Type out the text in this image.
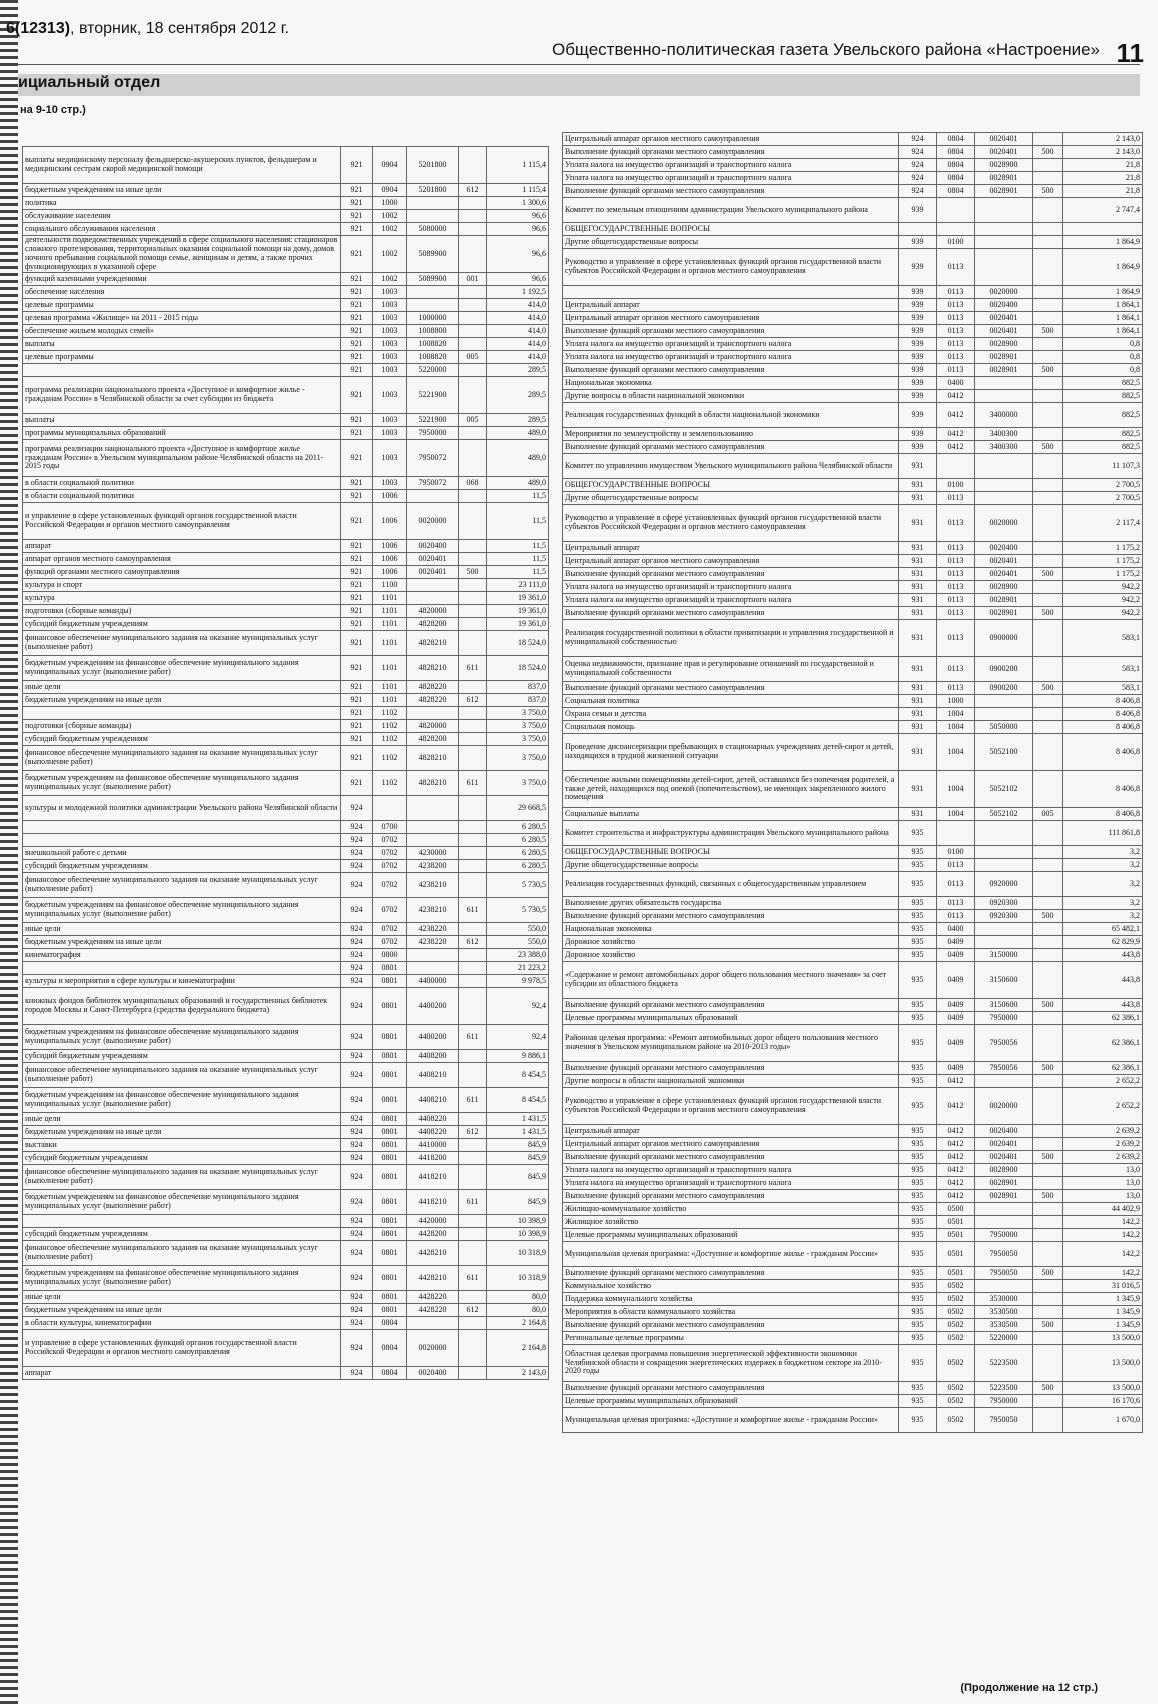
6(12313), вторник, 18 сентября 2012 г.
Общественно-политическая газета Увельского района «Настроение» 11
ициальный отдел
на 9-10 стр.)
выплаты медицинскому персоналу фельдшерско-акушерских пунктов, фельдшерам и медицинским сестрам скорой медицинской помощи	921	0904	5201800		1 115,4
бюджетным учреждениям на иные цели	921	0904	5201800	612	1 115,4
политика	921	1000			1 300,6
обслуживание населения	921	1002			96,6
социального обслуживания населения	921	1002	5080000		96,6
деятельности подведомственных учреждений в сфере социального населения: стационаров сложного протезирования, территориальных оказания социальной помощи на дому, домов ночного пребывания социальной помощи семье, женщинам и детям, а также прочих функционирующих в указанной сфере	921	1002	5089900		96,6
функций казенными учреждениями	921	1002	5089900	001	96,6
обеспечение населения	921	1003			1 192,5
целевые программы	921	1003			414,0
целевая программа «Жилище» на 2011 - 2015 годы	921	1003	1000000		414,0
обеспечение жильем молодых семей»	921	1003	1008800		414,0
выплаты	921	1003	1008820		414,0
целевые программы	921	1003	1008820	005	414,0
	921	1003	5220000		289,5
программа реализации национального проекта «Доступное и комфортное жилье - гражданам России» в Челябинской области за счет субсидии из бюджета	921	1003	5221900		289,5
выплаты	921	1003	5221900	005	289,5
программы муниципальных образований	921	1003	7950000		489,0
программа реализации национального проекта «Доступное и комфортное жилье гражданам России» в Увельском муниципальном районе Челябинской области на 2011-2015 годы	921	1003	7950072		489,0
в области социальной политики	921	1003	7950072	068	489,0
в области социальной политики	921	1006			11,5
и управление в сфере установленных функций органов государственной власти Российской Федерации и органов местного самоуправления	921	1006	0020000		11,5
аппарат	921	1006	0020400		11,5
аппарат органов местного самоуправления	921	1006	0020401		11,5
функций органами местного самоуправления	921	1006	0020401	500	11,5
культура и спорт	921	1100			23 111,0
культура	921	1101			19 361,0
подготовки (сборные команды)	921	1101	4820000		19 361,0
субсидий бюджетным учреждениям	921	1101	4828200		19 361,0
финансовое обеспечение муниципального задания на оказание муниципальных услуг (выполнение работ)	921	1101	4828210		18 524,0
бюджетным учреждениям на финансовое обеспечение муниципального задания муниципальных услуг (выполнение работ)	921	1101	4828210	611	18 524,0
иные цели	921	1101	4828220		837,0
бюджетным учреждениям на иные цели	921	1101	4828220	612	837,0
	921	1102			3 750,0
подготовки (сборные команды)	921	1102	4820000		3 750,0
субсидий бюджетным учреждениям	921	1102	4828200		3 750,0
финансовое обеспечение муниципального задания на оказание муниципальных услуг (выполнение работ)	921	1102	4828210		3 750,0
бюджетным учреждениям на финансовое обеспечение муниципального задания муниципальных услуг (выполнение работ)	921	1102	4828210	611	3 750,0
культуры и молодежной политики администрации Увельского района Челябинской области	924				29 668,5
	924	0700			6 280,5
	924	0702			6 280,5
внешкольной работе с детьми	924	0702	4230000		6 280,5
субсидий бюджетным учреждениям	924	0702	4238200		6 280,5
финансовое обеспечение муниципального задания на оказание муниципальных услуг (выполнение работ)	924	0702	4238210		5 730,5
бюджетным учреждениям на финансовое обеспечение муниципального задания муниципальных услуг (выполнение работ)	924	0702	4238210	611	5 730,5
иные цели	924	0702	4238220		550,0
бюджетным учреждениям на иные цели	924	0702	4238220	612	550,0
кинематография	924	0800			23 388,0
	924	0801			21 223,2
культуры и мероприятия в сфере культуры и кинематографии	924	0801	4400000		9 978,5
книжных фондов библиотек муниципальных образований и государственных библиотек городов Москвы и Санкт-Петербурга (средства федерального бюджета)	924	0801	4400200		92,4
бюджетным учреждениям на финансовое обеспечение муниципального задания муниципальных услуг (выполнение работ)	924	0801	4400200	611	92,4
субсидий бюджетным учреждениям	924	0801	4408200		9 886,1
финансовое обеспечение муниципального задания на оказание муниципальных услуг (выполнение работ)	924	0801	4408210		8 454,5
бюджетным учреждениям на финансовое обеспечение муниципального задания муниципальных услуг (выполнение работ)	924	0801	4408210	611	8 454,5
иные цели	924	0801	4408220		1 431,5
бюджетным учреждениям на иные цели	924	0801	4408220	612	1 431,5
выставки	924	0801	4410000		845,9
субсидий бюджетным учреждениям	924	0801	4418200		845,9
финансовое обеспечение муниципального задания на оказание муниципальных услуг (выполнение работ)	924	0801	4418210		845,9
бюджетным учреждениям на финансовое обеспечение муниципального задания муниципальных услуг (выполнение работ)	924	0801	4418210	611	845,9
	924	0801	4420000		10 398,9
субсидий бюджетным учреждениям	924	0801	4428200		10 398,9
финансовое обеспечение муниципального задания на оказание муниципальных услуг (выполнение работ)	924	0801	4428210		10 318,9
бюджетным учреждениям на финансовое обеспечение муниципального задания муниципальных услуг (выполнение работ)	924	0801	4428210	611	10 318,9
иные цели	924	0801	4428220		80,0
бюджетным учреждениям на иные цели	924	0801	4428220	612	80,0
в области культуры, кинематографии	924	0804			2 164,8
и управление в сфере установленных функций органов государственной власти Российской Федерации и органов местного самоуправления	924	0804	0020000		2 164,8
аппарат	924	0804	0020400		2 143,0
Центральный аппарат органов местного самоуправления	924	0804	0020401		2 143,0
Выполнение функций органами местного самоуправления	924	0804	0020401	500	2 143,0
Уплата налога на имущество организаций и транспортного налога	924	0804	0028900		21,8
Уплата налога на имущество организаций и транспортного налога	924	0804	0028901		21,8
Выполнение функций органами местного самоуправления	924	0804	0028901	500	21,8
Комитет по земельным отношениям администрации Увельского муниципального района	939				2 747,4
ОБЩЕГОСУДАРСТВЕННЫЕ ВОПРОСЫ					
Другие общегосударственные вопросы	939	0100			1 864,9
Руководство и управление в сфере установленных функций органов государственной власти субъектов Российской Федерации и органов местного самоуправления	939	0113			1 864,9
	939	0113	0020000		1 864,9
Центральный аппарат	939	0113	0020400		1 864,1
Центральный аппарат органов местного самоуправления	939	0113	0020401		1 864,1
Выполнение функций органами местного самоуправления	939	0113	0020401	500	1 864,1
Уплата налога на имущество организаций и транспортного налога	939	0113	0028900		0,8
Уплата налога на имущество организаций и транспортного налога	939	0113	0028901		0,8
Выполнение функций органами местного самоуправления	939	0113	0028901	500	0,8
Национальная экономика	939	0400			882,5
Другие вопросы в области национальной экономики	939	0412			882,5
Реализация государственных функций в области национальной экономики	939	0412	3400000		882,5
Мероприятия по землеустройству и землепользованию	939	0412	3400300		882,5
Выполнение функций органами местного самоуправления	939	0412	3400300	500	882,5
Комитет по управлению имуществом Увельского муниципального района Челябинской области	931				11 107,3
ОБЩЕГОСУДАРСТВЕННЫЕ ВОПРОСЫ	931	0100			2 700,5
Другие общегосударственные вопросы	931	0113			2 700,5
Руководство и управление в сфере установленных функций органов государственной власти субъектов Российской Федерации и органов местного самоуправления	931	0113	0020000		2 117,4
Центральный аппарат	931	0113	0020400		1 175,2
Центральный аппарат органов местного самоуправления	931	0113	0020401		1 175,2
Выполнение функций органами местного самоуправления	931	0113	0020401	500	1 175,2
Уплата налога на имущество организаций и транспортного налога	931	0113	0028900		942,2
Уплата налога на имущество организаций и транспортного налога	931	0113	0028901		942,2
Выполнение функций органами местного самоуправления	931	0113	0028901	500	942,2
Реализация государственной политики в области приватизации и управления государственной и муниципальной собственностью	931	0113	0900000		583,1
Оценка недвижимости, признание прав и регулирование отношений по государственной и муниципальной собственности	931	0113	0900200		583,1
Выполнение функций органами местного самоуправления	931	0113	0900200	500	583,1
Социальная политика	931	1000			8 406,8
Охрана семьи и детства	931	1004			8 406,8
Социальная помощь	931	1004	5050000		8 406,8
Проведение диспансеризации пребывающих в стационарных учреждениях детей-сирот и детей, находящихся в трудной жизненной ситуации	931	1004	5052100		8 406,8
Обеспечение жилыми помещениями детей-сирот, детей, оставшихся без попечения родителей, а также детей, находящихся под опекой (попечительством), не имеющих закрепленного жилого помещения	931	1004	5052102		8 406,8
Социальные выплаты	931	1004	5052102	005	8 406,8
Комитет строительства и инфраструктуры администрации Увельского муниципального района	935				111 861,8
ОБЩЕГОСУДАРСТВЕННЫЕ ВОПРОСЫ	935	0100			3,2
Другие общегосударственные вопросы	935	0113			3,2
Реализация государственных функций, связанных с общегосударственным управлением	935	0113	0920000		3,2
Выполнение других обязательств государства	935	0113	0920300		3,2
Выполнение функций органами местного самоуправления	935	0113	0920300	500	3,2
Национальная экономика	935	0400			65 482,1
Дорожное хозяйство	935	0409			62 829,9
Дорожное хозяйство	935	0409	3150000		443,8
«Содержание и ремонт автомобильных дорог общего пользования местного значения» за счет субсидии из областного бюджета	935	0409	3150600		443,8
Выполнение функций органами местного самоуправления	935	0409	3150600	500	443,8
Целевые программы муниципальных образований	935	0409	7950000		62 386,1
Районная целевая программа: «Ремонт автомобильных дорог общего пользования местного значения в Увельском муниципальном районе на 2010-2013 годы»	935	0409	7950056		62 386,1
Выполнение функций органами местного самоуправления	935	0409	7950056	500	62 386,1
Другие вопросы в области национальной экономики	935	0412			2 652,2
Руководство и управление в сфере установленных функций органов государственной власти субъектов Российской Федерации и органов местного самоуправления	935	0412	0020000		2 652,2
Центральный аппарат	935	0412	0020400		2 639,2
Центральный аппарат органов местного самоуправления	935	0412	0020401		2 639,2
Выполнение функций органами местного самоуправления	935	0412	0020401	500	2 639,2
Уплата налога на имущество организаций и транспортного налога	935	0412	0028900		13,0
Уплата налога на имущество организаций и транспортного налога	935	0412	0028901		13,0
Выполнение функций органами местного самоуправления	935	0412	0028901	500	13,0
Жилищно-коммунальное хозяйство	935	0500			44 402,9
Жилищное хозяйство	935	0501			142,2
Целевые программы муниципальных образований	935	0501	7950000		142,2
Муниципальная целевая программа: «Доступное и комфортное жилье - гражданам России»	935	0501	7950050		142,2
Выполнение функций органами местного самоуправления	935	0501	7950050	500	142,2
Коммунальное хозяйство	935	0502			31 016,5
Поддержка коммунального хозяйства	935	0502	3530000		1 345,9
Мероприятия в области коммунального хозяйства	935	0502	3530500		1 345,9
Выполнение функций органами местного самоуправления	935	0502	3530500	500	1 345,9
Региональные целевые программы	935	0502	5220000		13 500,0
Областная целевая программа повышения энергетической эффективности экономики Челябинской области и сокращения энергетических издержек в бюджетном секторе на 2010-2020 годы	935	0502	5223500		13 500,0
Выполнение функций органами местного самоуправления	935	0502	5223500	500	13 500,0
Целевые программы муниципальных образований	935	0502	7950000		16 170,6
Муниципальная целевая программа: «Доступное и комфортное жилье - гражданам России»	935	0502	7950050		1 670,0
(Продолжение на 12 стр.)
